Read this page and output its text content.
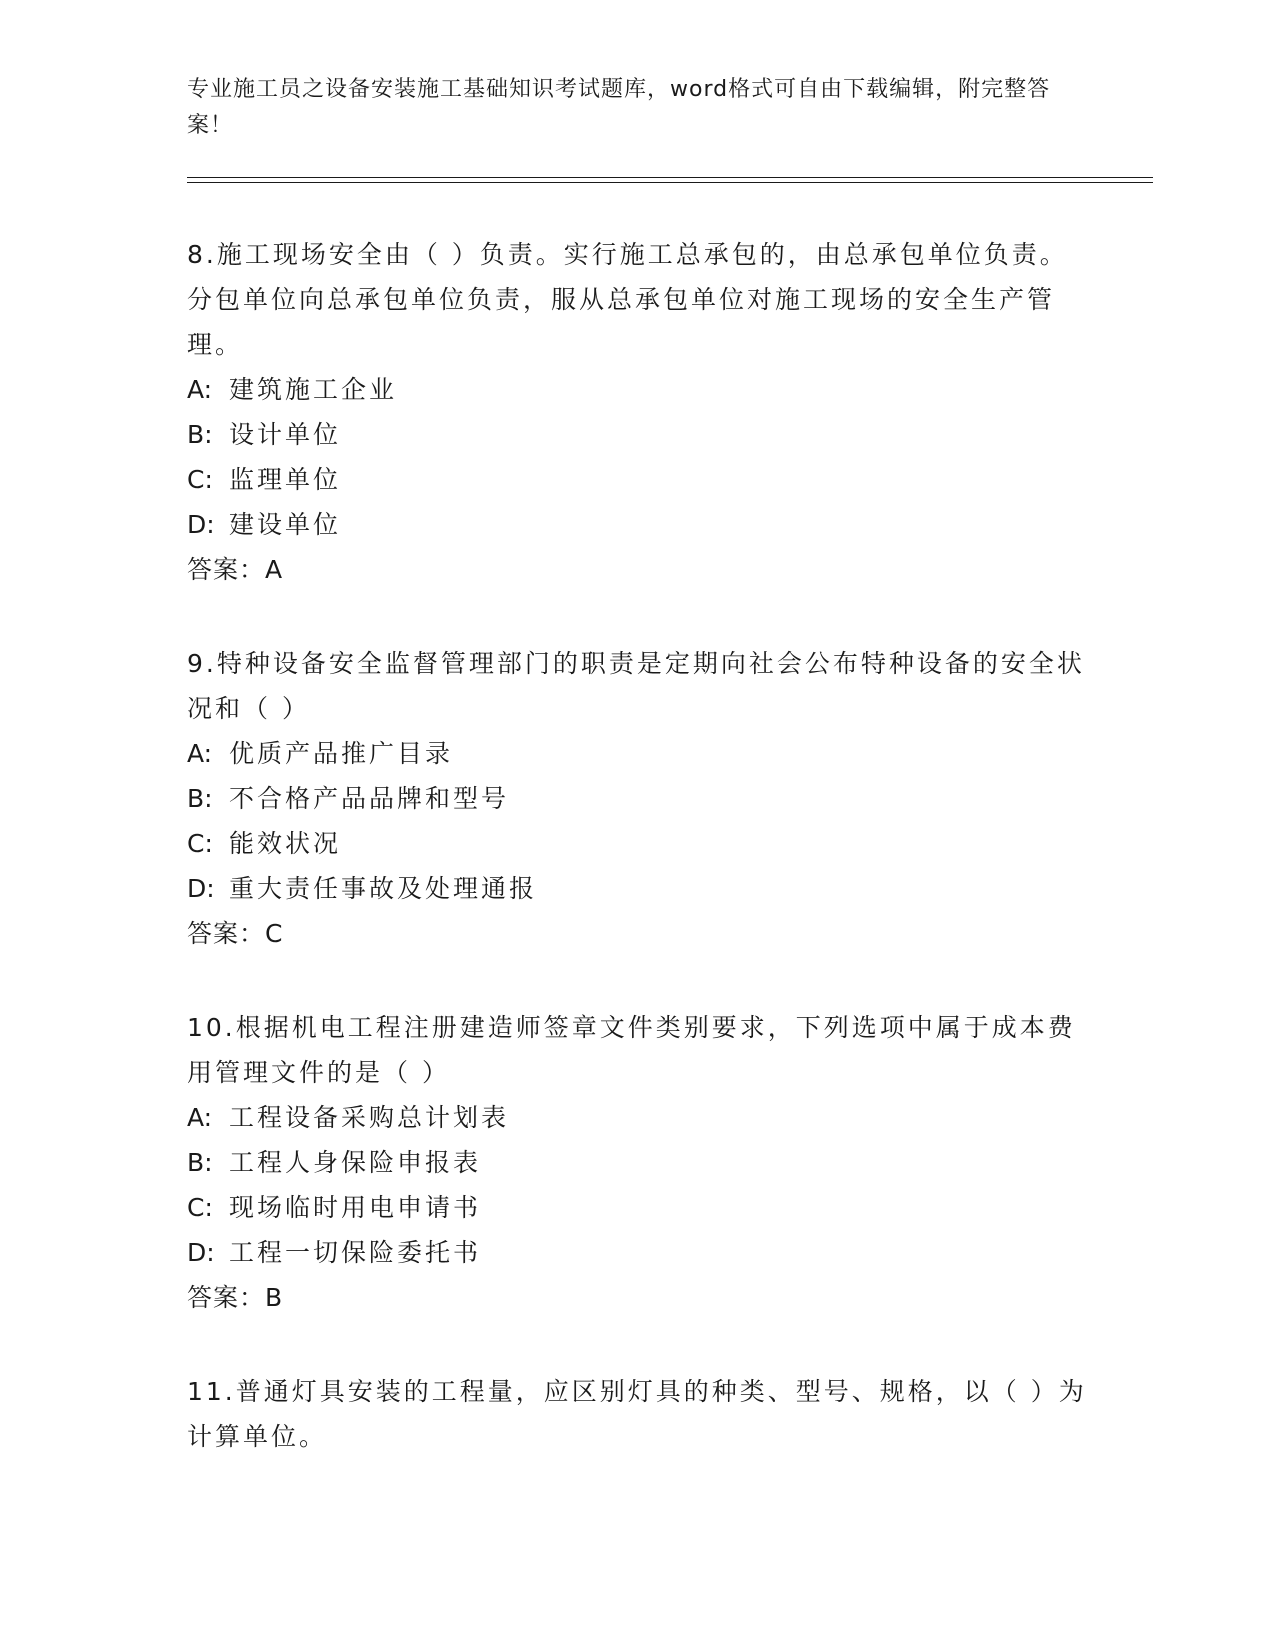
专业施工员之设备安装施工基础知识考试题库，word格式可自由下载编辑，附完整答案！
8.施工现场安全由（ ）负责。实行施工总承包的，由总承包单位负责。分包单位向总承包单位负责，服从总承包单位对施工现场的安全生产管理。
A: 建筑施工企业
B: 设计单位
C: 监理单位
D: 建设单位
答案：A
9.特种设备安全监督管理部门的职责是定期向社会公布特种设备的安全状况和（ ）
A: 优质产品推广目录
B: 不合格产品品牌和型号
C: 能效状况
D: 重大责任事故及处理通报
答案：C
10.根据机电工程注册建造师签章文件类别要求，下列选项中属于成本费用管理文件的是（ ）
A: 工程设备采购总计划表
B: 工程人身保险申报表
C: 现场临时用电申请书
D: 工程一切保险委托书
答案：B
11.普通灯具安装的工程量，应区别灯具的种类、型号、规格，以（ ）为计算单位。
